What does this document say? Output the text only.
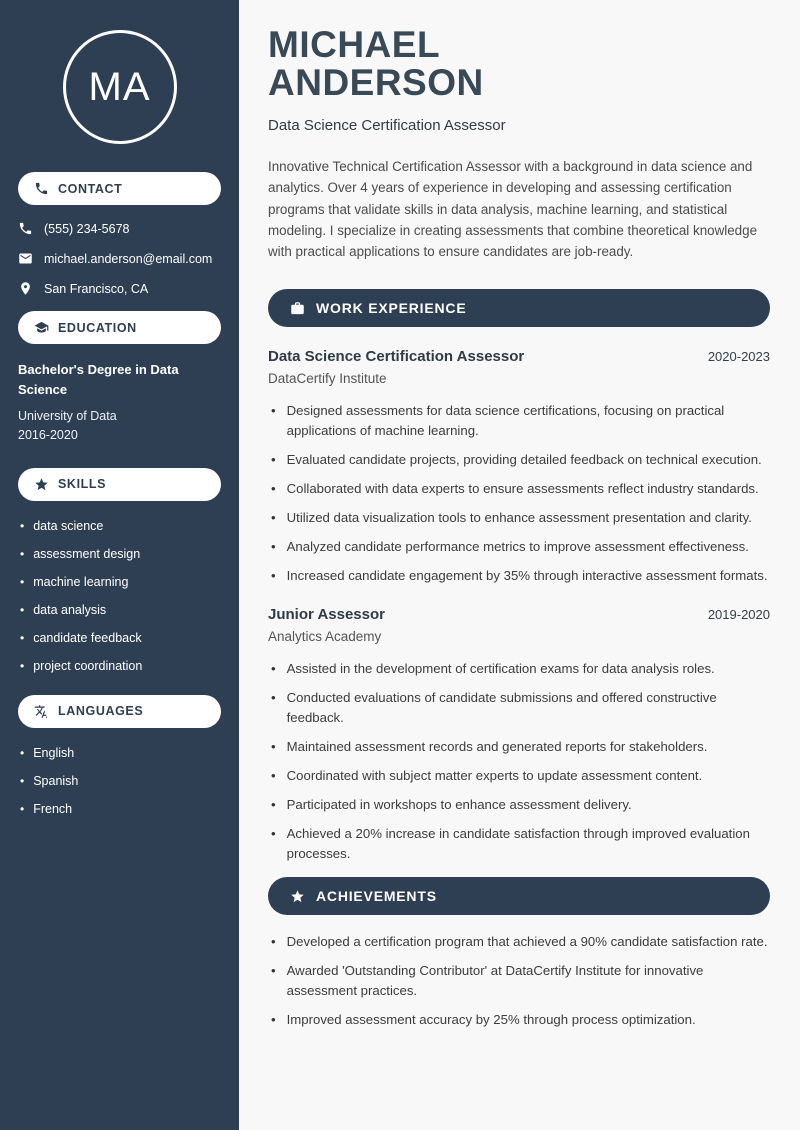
MA
CONTACT
(555) 234-5678
michael.anderson@email.com
San Francisco, CA
EDUCATION
Bachelor's Degree in Data Science
University of Data
2016-2020
SKILLS
• data science
• assessment design
• machine learning
• data analysis
• candidate feedback
• project coordination
LANGUAGES
• English
• Spanish
• French
MICHAEL
ANDERSON
Data Science Certification Assessor

Innovative Technical Certification Assessor with a background in data science and analytics. Over 4 years of experience in developing and assessing certification programs that validate skills in data analysis, machine learning, and statistical modeling. I specialize in creating assessments that combine theoretical knowledge with practical applications to ensure candidates are job-ready.

WORK EXPERIENCE
Data Science Certification Assessor	2020-2023
DataCertify Institute
• Designed assessments for data science certifications, focusing on practical applications of machine learning.
• Evaluated candidate projects, providing detailed feedback on technical execution.
• Collaborated with data experts to ensure assessments reflect industry standards.
• Utilized data visualization tools to enhance assessment presentation and clarity.
• Analyzed candidate performance metrics to improve assessment effectiveness.
• Increased candidate engagement by 35% through interactive assessment formats.
Junior Assessor	2019-2020
Analytics Academy
• Assisted in the development of certification exams for data analysis roles.
• Conducted evaluations of candidate submissions and offered constructive feedback.
• Maintained assessment records and generated reports for stakeholders.
• Coordinated with subject matter experts to update assessment content.
• Participated in workshops to enhance assessment delivery.
• Achieved a 20% increase in candidate satisfaction through improved evaluation processes.
ACHIEVEMENTS
• Developed a certification program that achieved a 90% candidate satisfaction rate.
• Awarded 'Outstanding Contributor' at DataCertify Institute for innovative assessment practices.
• Improved assessment accuracy by 25% through process optimization.
